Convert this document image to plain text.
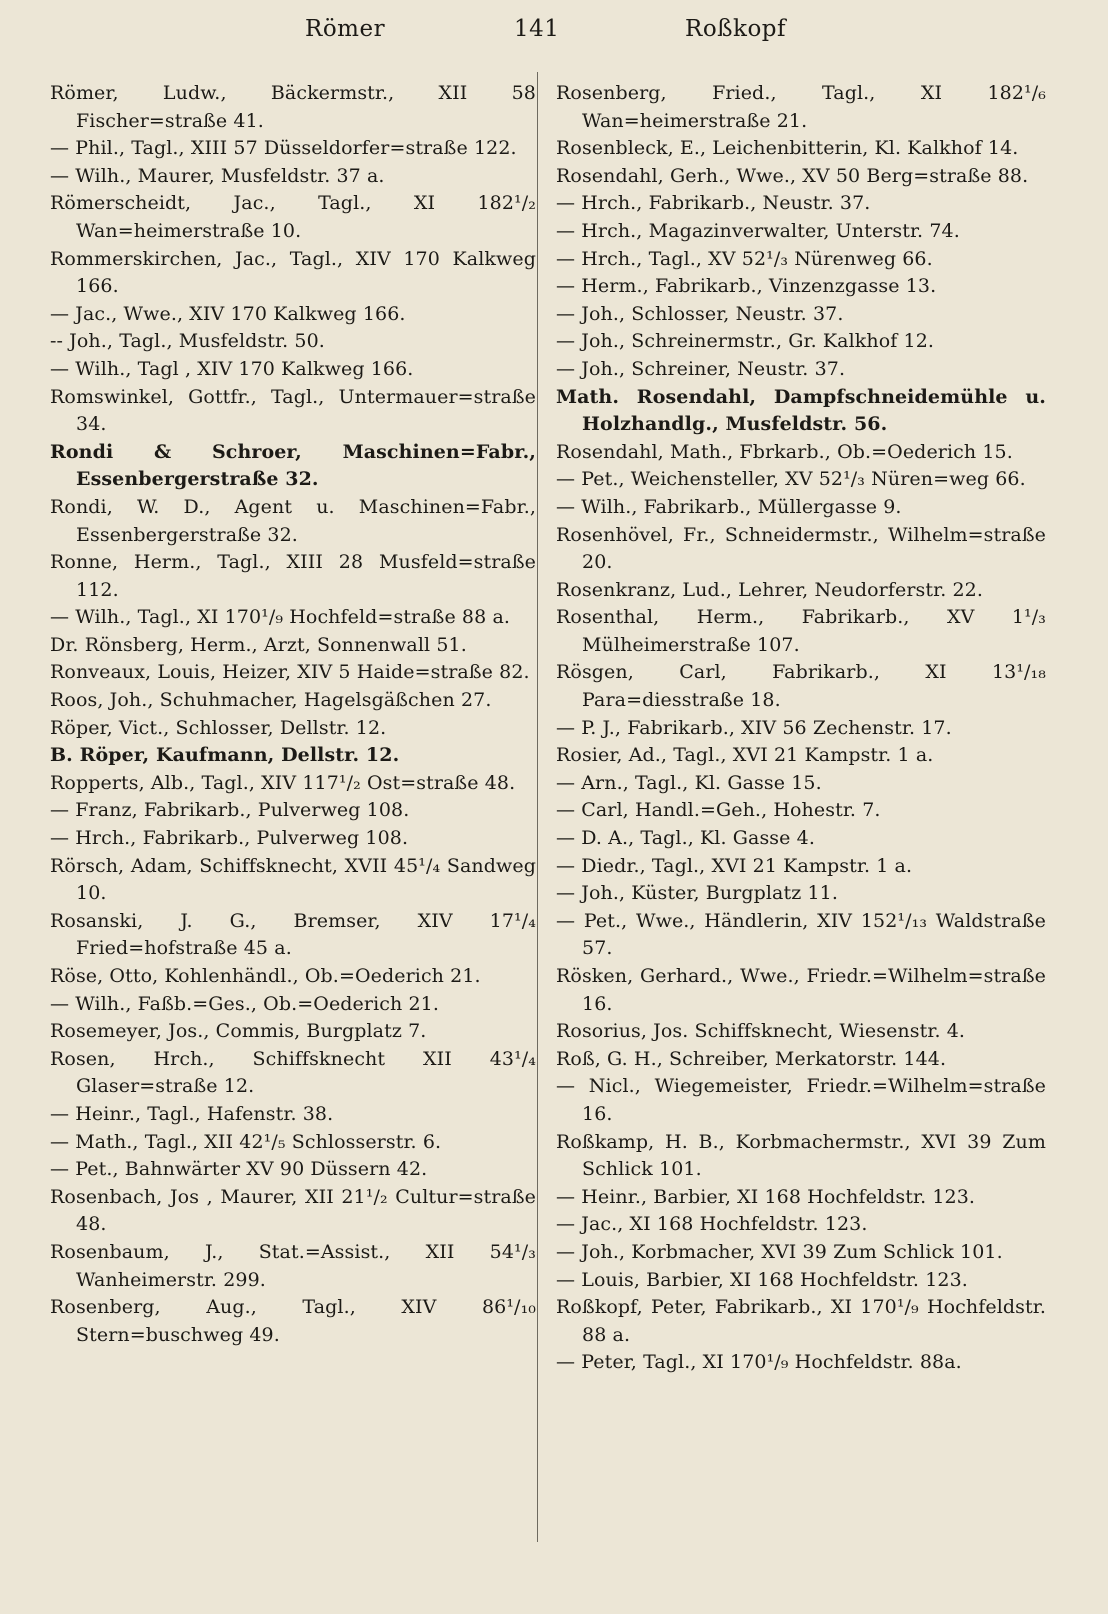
Römer	141	Roßkopf

Römer, Ludw., Bäckermstr., XII 58 Fischer=straße 41.

— Phil., Tagl., XIII 57 Düsseldorfer=straße 122.

— Wilh., Maurer, Musfeldstr. 37 a.

Römerscheidt, Jac., Tagl., XI 182¹/₂ Wan=heimerstraße 10.

Rommerskirchen, Jac., Tagl., XIV 170 Kalkweg 166.

— Jac., Wwe., XIV 170 Kalkweg 166.

-- Joh., Tagl., Musfeldstr. 50.

— Wilh., Tagl , XIV 170 Kalkweg 166.

Romswinkel, Gottfr., Tagl., Untermauer=straße 34.

Rondi & Schroer, Maschinen=Fabr., Essenbergerstraße 32.

Rondi, W. D., Agent u. Maschinen=Fabr., Essenbergerstraße 32.

Ronne, Herm., Tagl., XIII 28 Musfeld=straße 112.

— Wilh., Tagl., XI 170¹/₉ Hochfeld=straße 88 a.

Dr. Rönsberg, Herm., Arzt, Sonnenwall 51.

Ronveaux, Louis, Heizer, XIV 5 Haide=straße 82.

Roos, Joh., Schuhmacher, Hagelsgäßchen 27.

Röper, Vict., Schlosser, Dellstr. 12.

B. Röper, Kaufmann, Dellstr. 12.

Ropperts, Alb., Tagl., XIV 117¹/₂ Ost=straße 48.

— Franz, Fabrikarb., Pulverweg 108.

— Hrch., Fabrikarb., Pulverweg 108.

Rörsch, Adam, Schiffsknecht, XVII 45¹/₄ Sandweg 10.

Rosanski, J. G., Bremser, XIV 17¹/₄ Fried=hofstraße 45 a.

Röse, Otto, Kohlenhändl., Ob.=Oederich 21.

— Wilh., Faßb.=Ges., Ob.=Oederich 21.

Rosemeyer, Jos., Commis, Burgplatz 7.

Rosen, Hrch., Schiffsknecht XII 43¹/₄ Glaser=straße 12.

— Heinr., Tagl., Hafenstr. 38.

— Math., Tagl., XII 42¹/₅ Schlosserstr. 6.

— Pet., Bahnwärter XV 90 Düssern 42.

Rosenbach, Jos , Maurer, XII 21¹/₂ Cultur=straße 48.

Rosenbaum, J., Stat.=Assist., XII 54¹/₃ Wanheimerstr. 299.

Rosenberg, Aug., Tagl., XIV 86¹/₁₀ Stern=buschweg 49.

Rosenberg, Fried., Tagl., XI 182¹/₆ Wan=heimerstraße 21.

Rosenbleck, E., Leichenbitterin, Kl. Kalkhof 14.

Rosendahl, Gerh., Wwe., XV 50 Berg=straße 88.

— Hrch., Fabrikarb., Neustr. 37.

— Hrch., Magazinverwalter, Unterstr. 74.

— Hrch., Tagl., XV 52¹/₃ Nürenweg 66.

— Herm., Fabrikarb., Vinzenzgasse 13.

— Joh., Schlosser, Neustr. 37.

— Joh., Schreinermstr., Gr. Kalkhof 12.

— Joh., Schreiner, Neustr. 37.

Math. Rosendahl, Dampfschneidemühle u. Holzhandlg., Musfeldstr. 56.

Rosendahl, Math., Fbrkarb., Ob.=Oederich 15.

— Pet., Weichensteller, XV 52¹/₃ Nüren=weg 66.

— Wilh., Fabrikarb., Müllergasse 9.

Rosenhövel, Fr., Schneidermstr., Wilhelm=straße 20.

Rosenkranz, Lud., Lehrer, Neudorferstr. 22.

Rosenthal, Herm., Fabrikarb., XV 1¹/₃ Mülheimerstraße 107.

Rösgen, Carl, Fabrikarb., XI 13¹/₁₈ Para=diesstraße 18.

— P. J., Fabrikarb., XIV 56 Zechenstr. 17.

Rosier, Ad., Tagl., XVI 21 Kampstr. 1 a.

— Arn., Tagl., Kl. Gasse 15.

— Carl, Handl.=Geh., Hohestr. 7.

— D. A., Tagl., Kl. Gasse 4.

— Diedr., Tagl., XVI 21 Kampstr. 1 a.

— Joh., Küster, Burgplatz 11.

— Pet., Wwe., Händlerin, XIV 152¹/₁₃ Waldstraße 57.

Rösken, Gerhard., Wwe., Friedr.=Wilhelm=straße 16.

Rosorius, Jos. Schiffsknecht, Wiesenstr. 4.

Roß, G. H., Schreiber, Merkatorstr. 144.

— Nicl., Wiegemeister, Friedr.=Wilhelm=straße 16.

Roßkamp, H. B., Korbmachermstr., XVI 39 Zum Schlick 101.

— Heinr., Barbier, XI 168 Hochfeldstr. 123.

— Jac., XI 168 Hochfeldstr. 123.

— Joh., Korbmacher, XVI 39 Zum Schlick 101.

— Louis, Barbier, XI 168 Hochfeldstr. 123.

Roßkopf, Peter, Fabrikarb., XI 170¹/₉ Hochfeldstr. 88 a.

— Peter, Tagl., XI 170¹/₉ Hochfeldstr. 88a.
